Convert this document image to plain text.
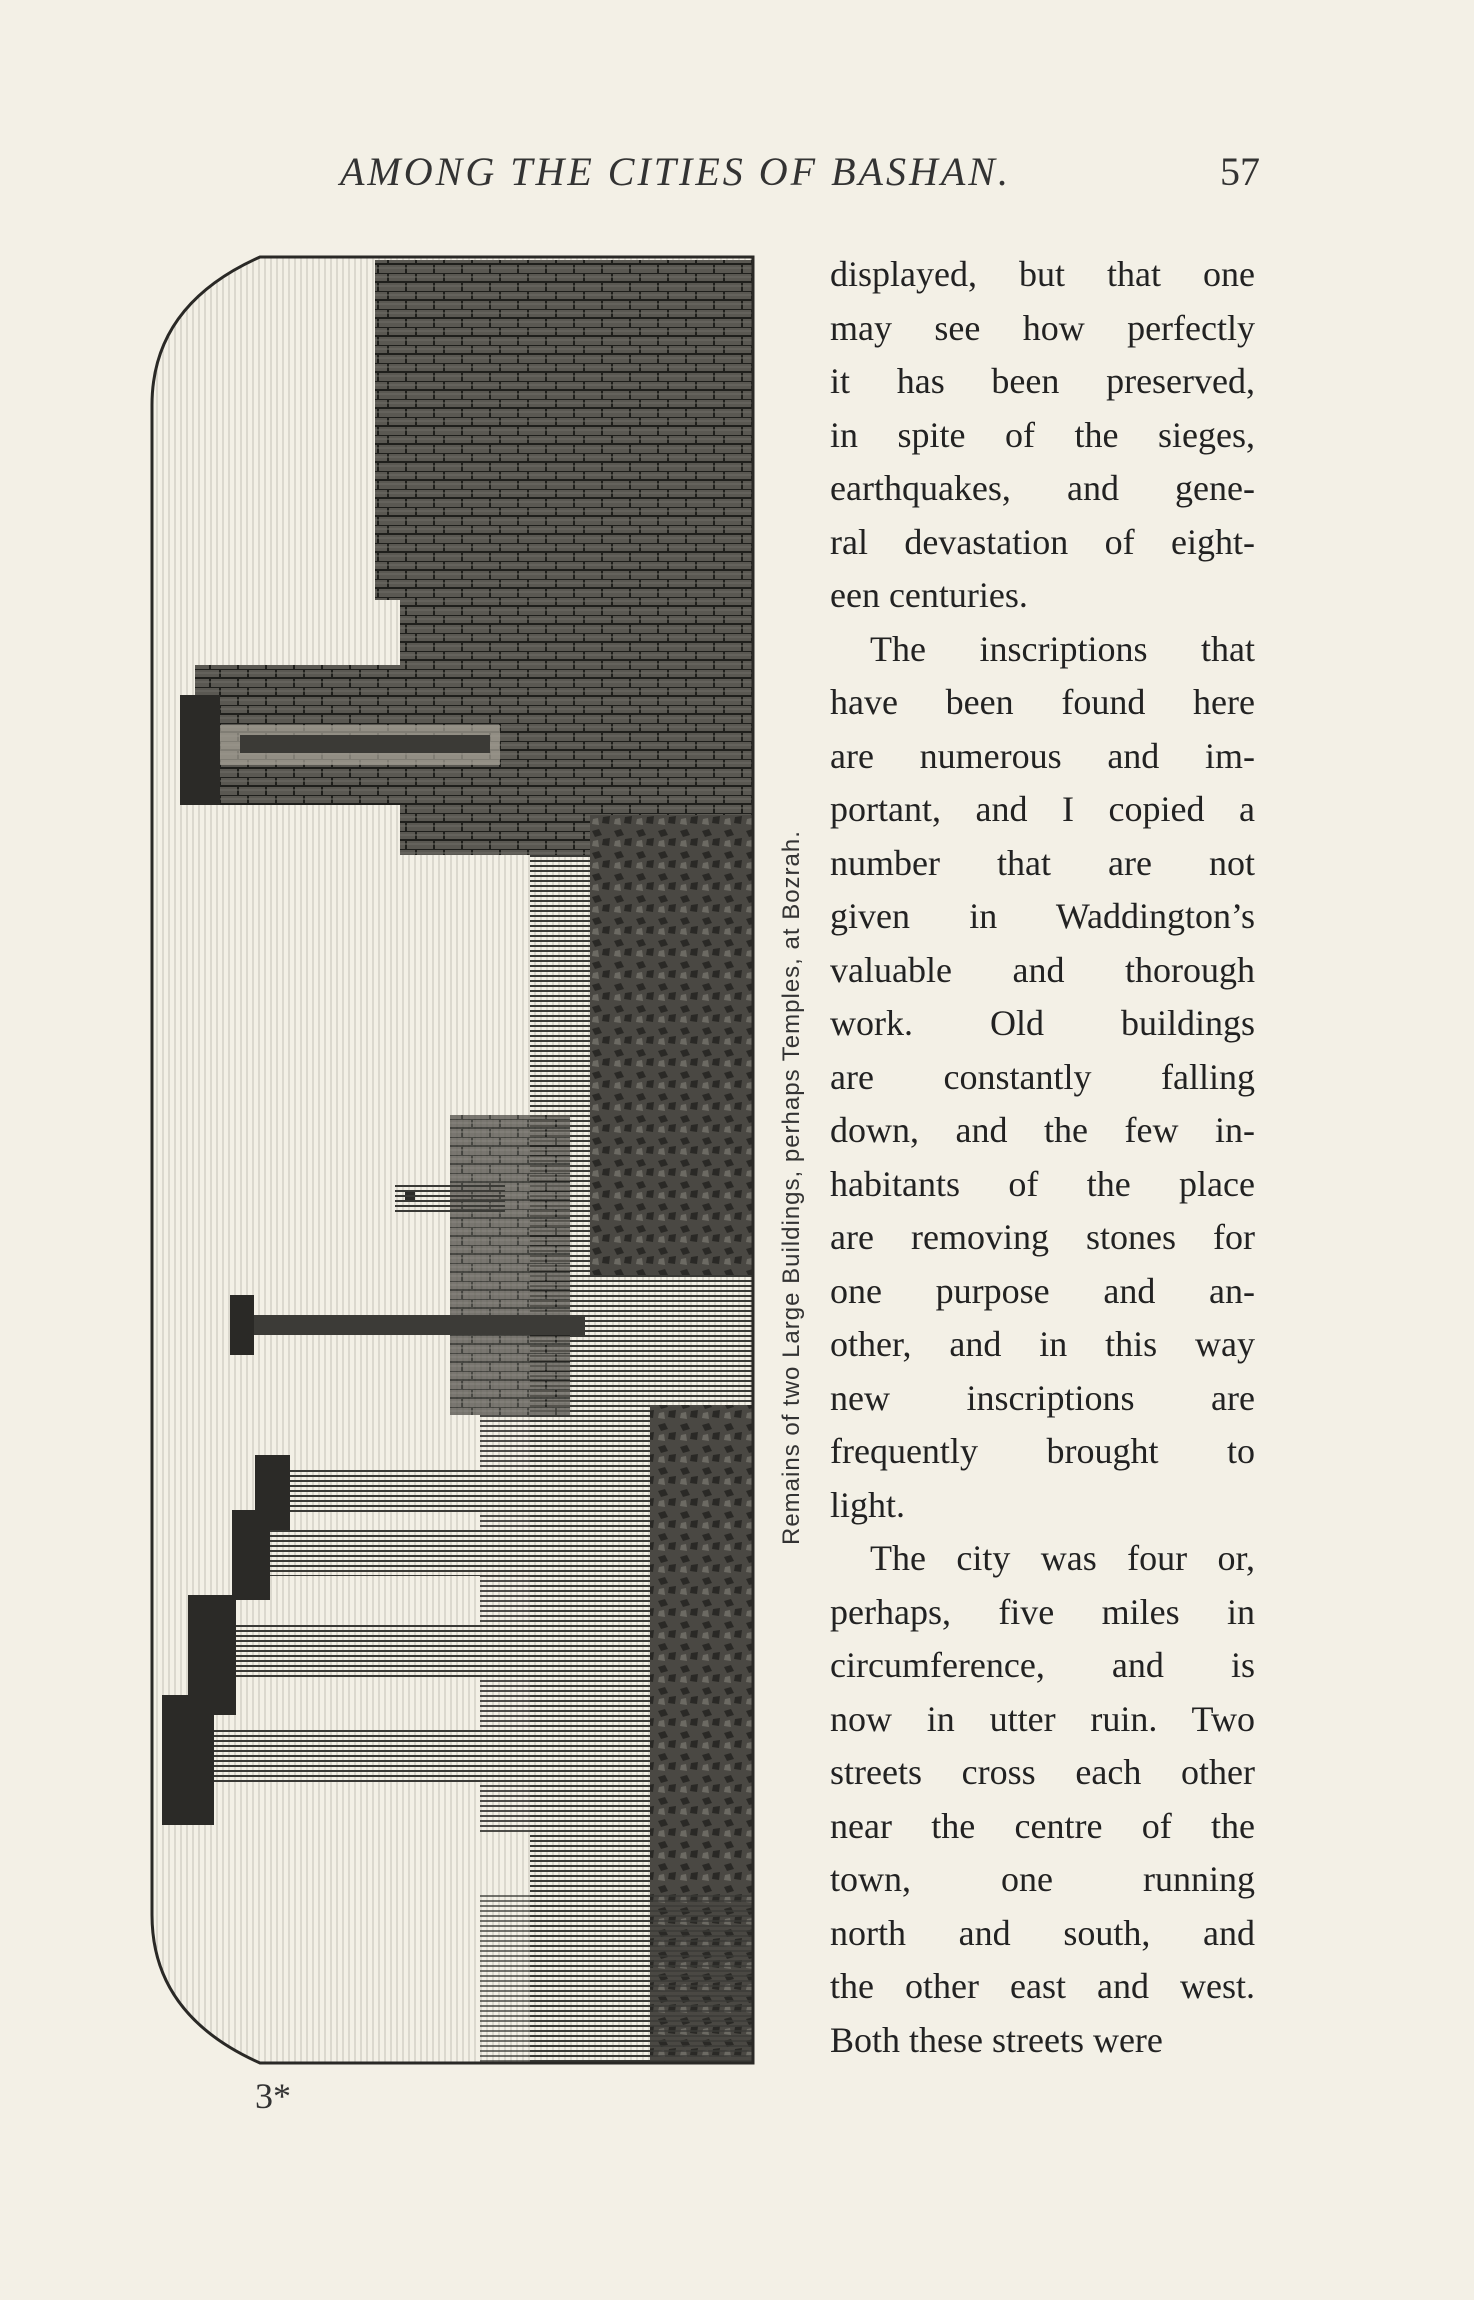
AMONG THE CITIES OF BASHAN.	57
Remains of two Large Buildings, perhaps Temples, at Bozrah.
displayed, but that one
may see how perfectly
it has been preserved,
in spite of the sieges,
earthquakes, and gene-
ral devastation of eight-
een centuries.
The inscriptions that
have been found here
are numerous and im-
portant, and I copied a
number that are not
given in Waddington’s
valuable and thorough
work. Old buildings
are constantly falling
down, and the few in-
habitants of the place
are removing stones for
one purpose and an-
other, and in this way
new inscriptions are
frequently brought to
light.
The city was four or,
perhaps, five miles in
circumference, and is
now in utter ruin. Two
streets cross each other
near the centre of the
town, one running
north and south, and
the other east and west.
Both these streets were
3*
